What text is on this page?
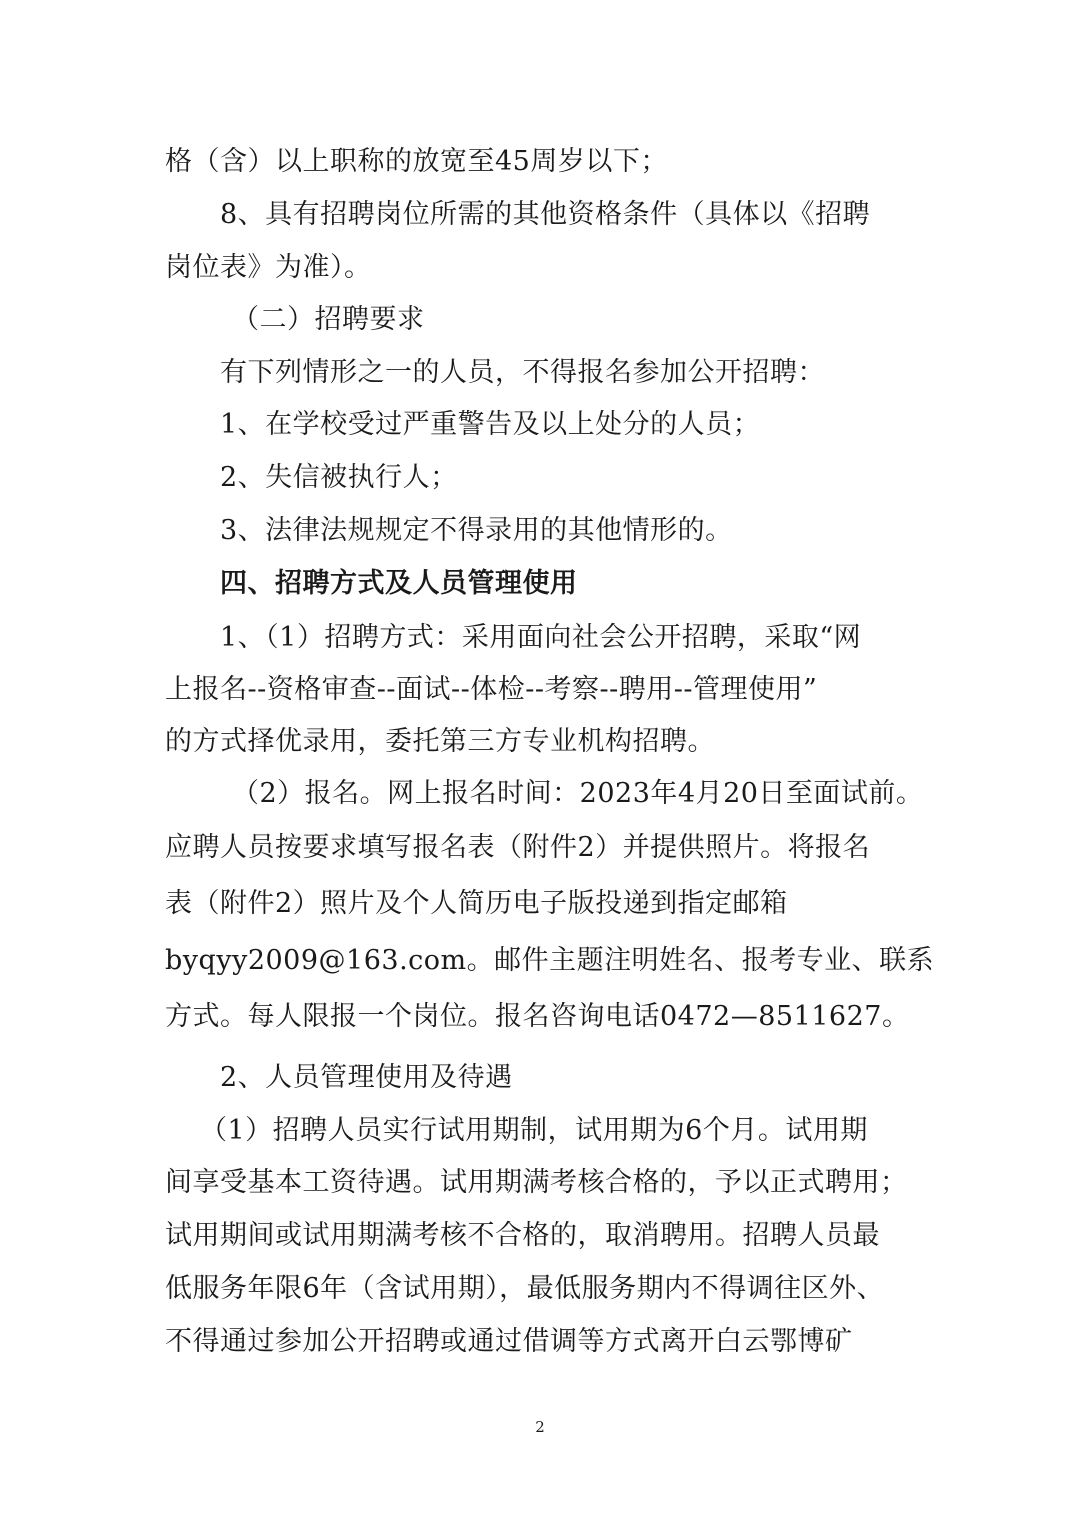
格（含）以上职称的放宽至45周岁以下；
8、具有招聘岗位所需的其他资格条件（具体以《招聘
岗位表》为准）。
（二）招聘要求
有下列情形之一的人员，不得报名参加公开招聘：
1、在学校受过严重警告及以上处分的人员；
2、失信被执行人；
3、法律法规规定不得录用的其他情形的。
四、招聘方式及人员管理使用
1、（1）招聘方式：采用面向社会公开招聘，采取“网
上报名--资格审查--面试--体检--考察--聘用--管理使用”
的方式择优录用，委托第三方专业机构招聘。
（2）报名。网上报名时间：2023年4月20日至面试前。
应聘人员按要求填写报名表（附件2）并提供照片。将报名
表（附件2）照片及个人简历电子版投递到指定邮箱
byqyy2009@163.com。邮件主题注明姓名、报考专业、联系
方式。每人限报一个岗位。报名咨询电话0472—8511627。
2、人员管理使用及待遇
（1）招聘人员实行试用期制，试用期为6个月。试用期
间享受基本工资待遇。试用期满考核合格的，予以正式聘用；
试用期间或试用期满考核不合格的，取消聘用。招聘人员最
低服务年限6年（含试用期），最低服务期内不得调往区外、
不得通过参加公开招聘或通过借调等方式离开白云鄂博矿
2
